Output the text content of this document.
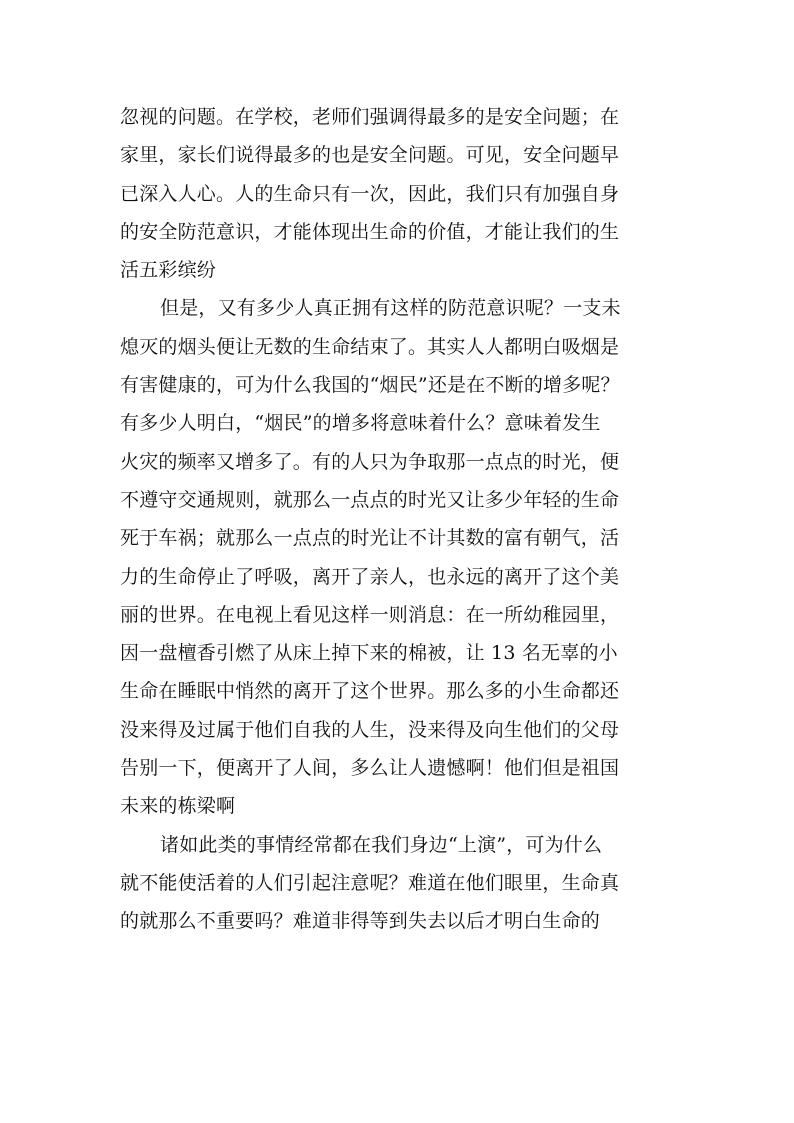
忽视的问题。在学校，老师们强调得最多的是安全问题；在
家里，家长们说得最多的也是安全问题。可见，安全问题早
已深入人心。人的生命只有一次，因此，我们只有加强自身
的安全防范意识，才能体现出生命的价值，才能让我们的生
活五彩缤纷
但是，又有多少人真正拥有这样的防范意识呢？一支未
熄灭的烟头便让无数的生命结束了。其实人人都明白吸烟是
有害健康的，可为什么我国的“烟民”还是在不断的增多呢？
有多少人明白，“烟民”的增多将意味着什么？意味着发生
火灾的频率又增多了。有的人只为争取那一点点的时光，便
不遵守交通规则，就那么一点点的时光又让多少年轻的生命
死于车祸；就那么一点点的时光让不计其数的富有朝气，活
力的生命停止了呼吸，离开了亲人，也永远的离开了这个美
丽的世界。在电视上看见这样一则消息：在一所幼稚园里，
因一盘檀香引燃了从床上掉下来的棉被，让 13 名无辜的小
生命在睡眠中悄然的离开了这个世界。那么多的小生命都还
没来得及过属于他们自我的人生，没来得及向生他们的父母
告别一下，便离开了人间，多么让人遗憾啊！他们但是祖国
未来的栋梁啊
诸如此类的事情经常都在我们身边“上演”，可为什么
就不能使活着的人们引起注意呢？难道在他们眼里，生命真
的就那么不重要吗？难道非得等到失去以后才明白生命的
